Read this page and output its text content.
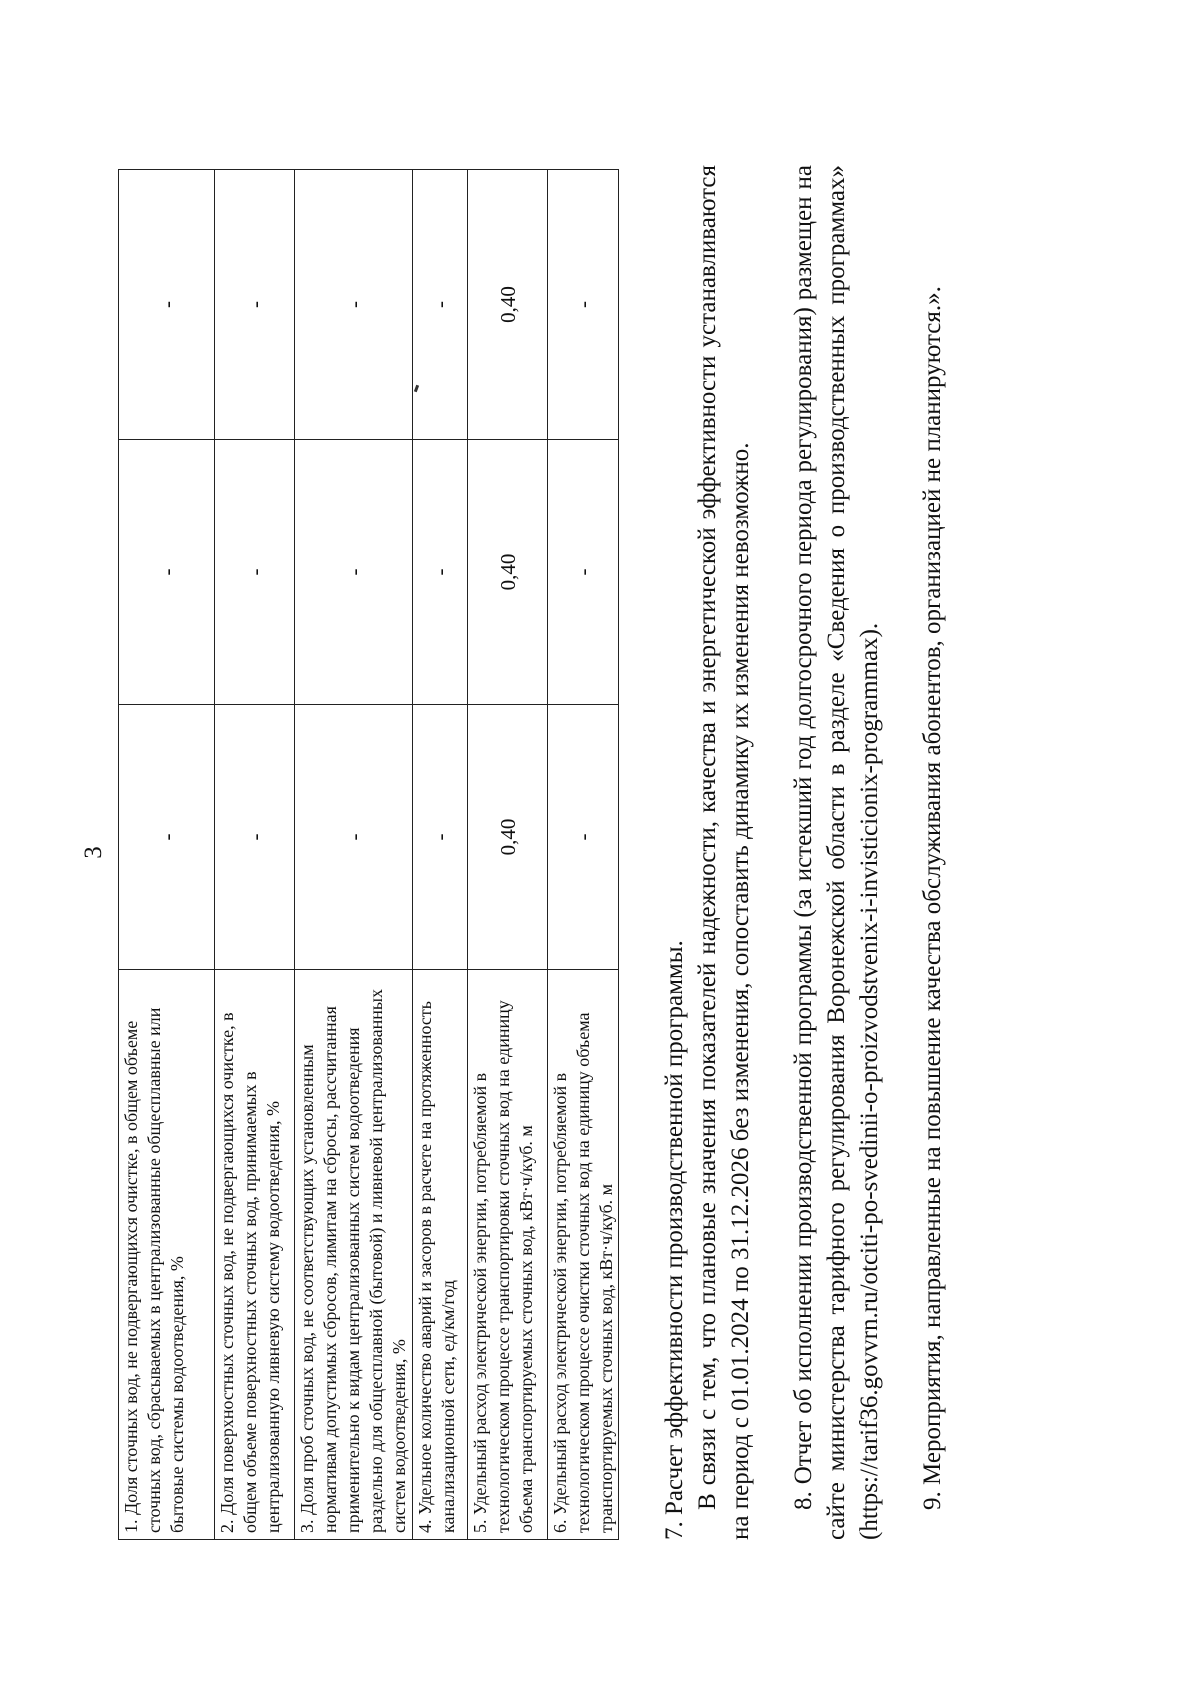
3
1. Доля сточных вод, не подвергающихся очистке, в общем объеме сточных вод, сбрасываемых в централизованные общесплавные или бытовые системы водоотведения, %	-	-	-
2. Доля поверхностных сточных вод, не подвергающихся очистке, в общем объеме поверхностных сточных вод, принимаемых в централизованную ливневую систему водоотведения, %	-	-	-
3. Доля проб сточных вод, не соответствующих установленным нормативам допустимых сбросов, лимитам на сбросы, рассчитанная применительно к видам централизованных систем водоотведения раздельно для общесплавной (бытовой) и ливневой централизованных систем водоотведения, %	-	-	-
4. Удельное количество аварий и засоров в расчете на протяженность канализационной сети, ед/км/год	-	-	-
5. Удельный расход электрической энергии, потребляемой в технологическом процессе транспортировки сточных вод на единицу объема транспортируемых сточных вод, кВт·ч/куб. м	0,40	0,40	0,40
6. Удельный расход электрической энергии, потребляемой в технологическом процессе очистки сточных вод на единицу объема транспортируемых сточных вод, кВт·ч/куб. м	-	-	-

7. Расчет эффективности производственной программы. В связи с тем, что плановые значения показателей надежности, качества и энергетической эффективности устанавливаются на период с 01.01.2024 по 31.12.2026 без изменения, сопоставить динамику их изменения невозможно. 8. Отчет об исполнении производственной программы (за истекший год долгосрочного периода регулирования) размещен на сайте министерства тарифного регулирования Воронежской области в разделе «Сведения о производственных программах» (https://tarif36.govvrn.ru/otciti-po-svedinii-o-proizvodstvenix-i-invisticionix-programmax). 9. Мероприятия, направленные на повышение качества обслуживания абонентов, организацией не планируются.».
